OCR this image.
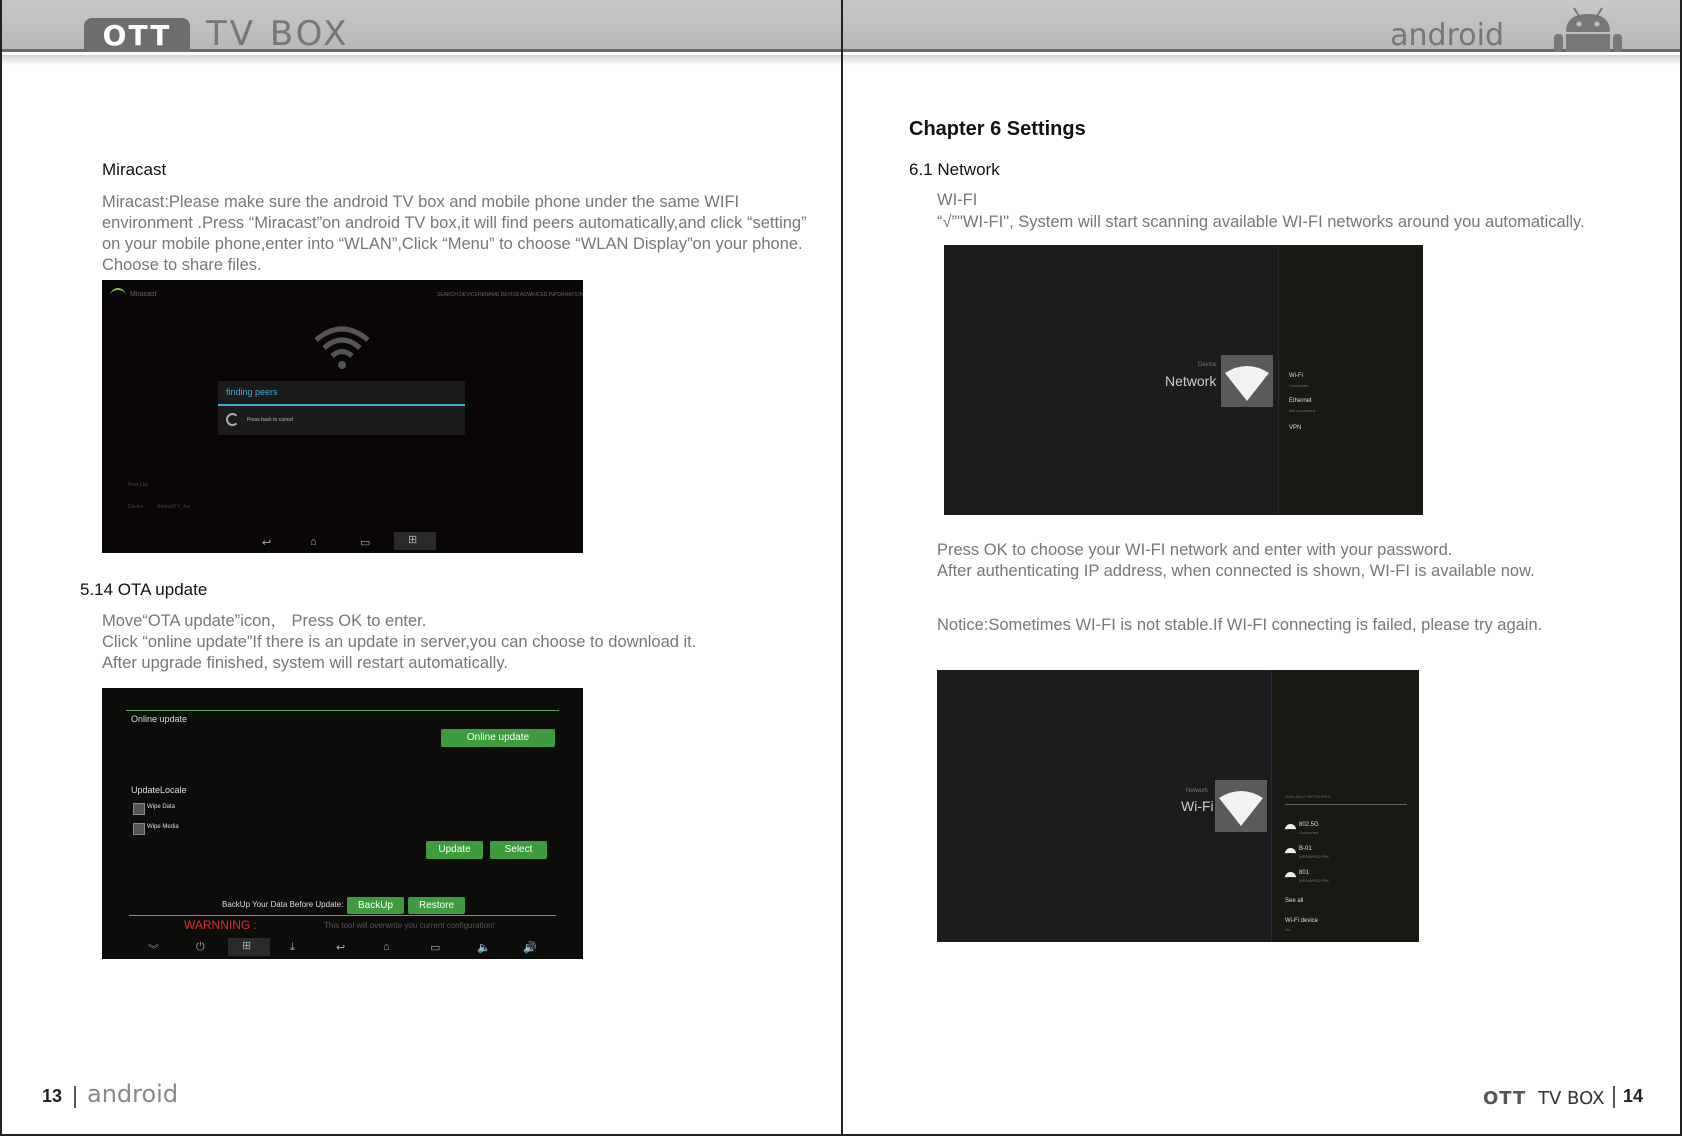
OTT	TV BOX
Miracast
Miracast:Please make sure the android TV box and mobile phone under the same WIFI
environment .Press “Miracast”on android TV box,it will find peers automatically,and click “setting”
on your mobile phone,enter into “WLAN”,Click “Menu” to choose “WLAN Display”on your phone.
Choose to share files.
Miracast	SEARCH DEVICE RENAME DEVICE ADVANCED INFORMATION
finding peers
Press back to cancel
Peer List
Device	AndroidTV_fan
↩	⌂	▭	⊞
5.14 OTA update
Move“OTA update”icon， Press OK to enter.
Click “online update”If there is an update in server,you can choose to download it.
After upgrade finished, system will restart automatically.
Online update
Online update
UpdateLocale
Wipe Data
Wipe Media
Update	Select
BackUp Your Data Before Update:	BackUp	Restore
WARNNING :	This tool will overwrite you current configuration!
︾	⏻	⊞	⤓	↩	⌂	▭	🔈	🔊
13 android
android
Chapter 6 Settings
6.1 Network
WI-FI
“√”"WI-FI", System will start scanning available WI-FI networks around you automatically.
Device
Network	Wi-Fi
Connected
Ethernet
Not connected
VPN
Press OK to choose your WI-FI network and enter with your password.
After authenticating IP address, when connected is shown, WI-FI is available now.
Notice:Sometimes WI-FI is not stable.If WI-FI connecting is failed, please try again.
Network
Wi-Fi
AVAILABLE NETWORKS
802.5G
Connected
B-01
WPA/WPA2 PSK
801
WPA/WPA2 PSK
See all
Wi-Fi device
On
OTT TV BOX 14
